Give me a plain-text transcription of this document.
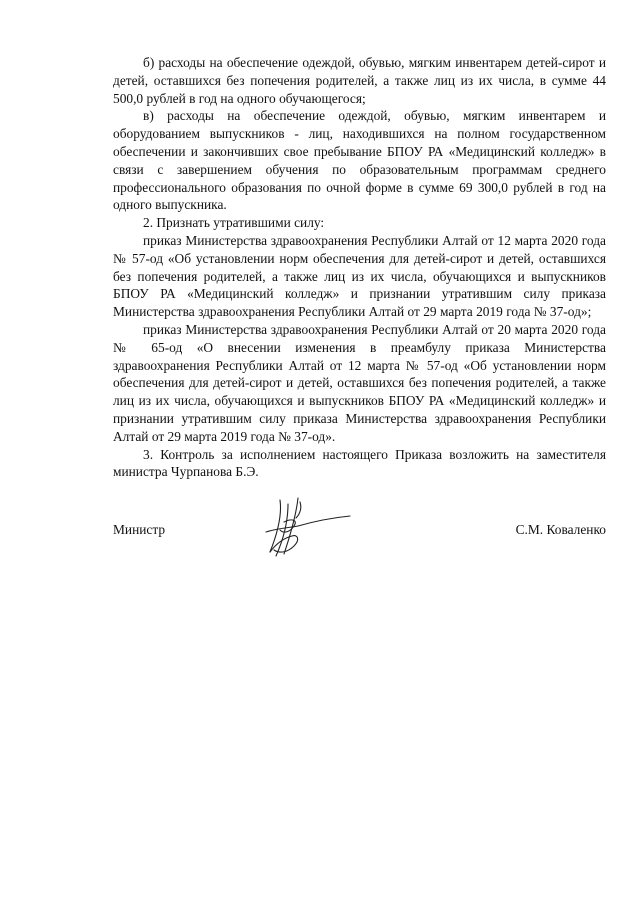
б) расходы на обеспечение одеждой, обувью, мягким инвентарем детей-сирот и детей, оставшихся без попечения родителей, а также лиц из их числа, в сумме 44 500,0 рублей в год на одного обучающегося;

в) расходы на обеспечение одеждой, обувью, мягким инвентарем и оборудованием выпускников - лиц, находившихся на полном государственном обеспечении и закончивших свое пребывание БПОУ РА «Медицинский колледж» в связи с завершением обучения по образовательным программам среднего профессионального образования по очной форме в сумме 69 300,0 рублей в год на одного выпускника.

2. Признать утратившими силу:

приказ Министерства здравоохранения Республики Алтай от 12 марта 2020 года № 57-од «Об установлении норм обеспечения для детей-сирот и детей, оставшихся без попечения родителей, а также лиц из их числа, обучающихся и выпускников БПОУ РА «Медицинский колледж» и признании утратившим силу приказа Министерства здравоохранения Республики Алтай от 29 марта 2019 года № 37-од»;

приказ Министерства здравоохранения Республики Алтай от 20 марта 2020 года № 65-од «О внесении изменения в преамбулу приказа Министерства здравоохранения Республики Алтай от 12 марта № 57-од «Об установлении норм обеспечения для детей-сирот и детей, оставшихся без попечения родителей, а также лиц из их числа, обучающихся и выпускников БПОУ РА «Медицинский колледж» и признании утратившим силу приказа Министерства здравоохранения Республики Алтай от 29 марта 2019 года № 37-од».

3. Контроль за исполнением настоящего Приказа возложить на заместителя министра Чурпанова Б.Э.

Министр	С.М. Коваленко
